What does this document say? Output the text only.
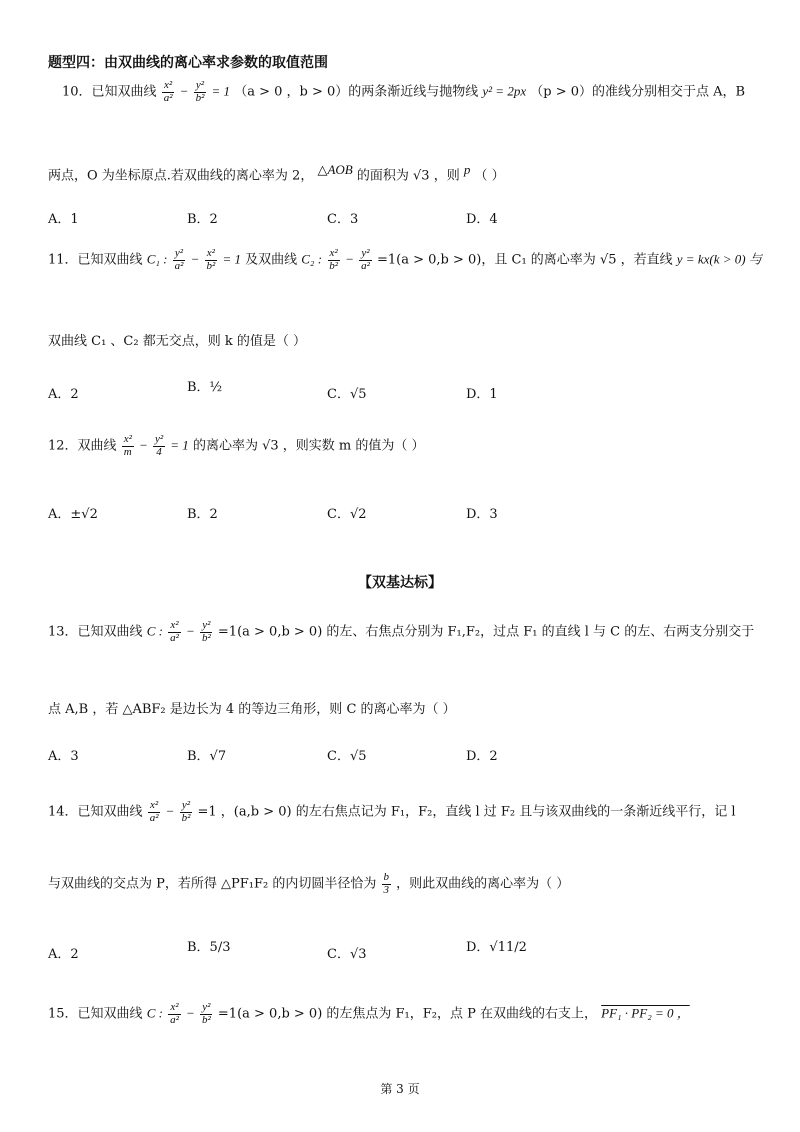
题型四：由双曲线的离心率求参数的取值范围
10．已知双曲线 $\frac{\text{x²}}{\text{a²}} - \frac{\text{y²}}{\text{b²}} = 1$ （a > 0 ，b > 0）的两条渐近线与抛物线 y² = 2px （p > 0）的准线分别相交于点 A，B
两点，O 为坐标原点.若双曲线的离心率为 2， $^{\triangle AOB}$ 的面积为 √3 ，则 $^p$ （ ）
A．1	B．2	C．3	D．4
11．已知双曲线 C₁ : $\frac{\text{y²}}{\text{a²}} - \frac{\text{x²}}{\text{b²}} = 1$ 及双曲线 C₂ : $\frac{\text{x²}}{\text{b²}} - \frac{\text{y²}}{\text{a²}} =1(a > 0,b > 0)$，且 C₁ 的离心率为 √5 ，若直线 y = kx(k > 0) 与
双曲线 C₁ 、C₂ 都无交点，则 k 的值是（ ）
A．2	B．½	C．√5	D．1
12．双曲线 $\frac{\text{x²}}{m} - \frac{\text{y²}}{4} = 1$ 的离心率为 √3 ，则实数 m 的值为（ ）
A．±√2	B．2	C．√2	D．3
【双基达标】
13．已知双曲线 C : $\frac{\text{x²}}{\text{a²}} - \frac{\text{y²}}{\text{b²}} =1(a > 0,b > 0)$ 的左、右焦点分别为 F₁,F₂，过点 F₁ 的直线 l 与 C 的左、右两支分别交于
点 A,B ，若 △ABF₂ 是边长为 4 的等边三角形，则 C 的离心率为（ ）
A．3	B．√7	C．√5	D．2
14．已知双曲线 $\frac{\text{x²}}{\text{a²}} - \frac{\text{y²}}{\text{b²}} =1$ ，(a,b > 0) 的左右焦点记为 F₁，F₂，直线 l 过 F₂ 且与该双曲线的一条渐近线平行，记 l
与双曲线的交点为 P，若所得 △PF₁F₂ 的内切圆半径恰为 $\frac{b}{3}$ ，则此双曲线的离心率为（ ）
A．2	B．5/3	C．√3	D．√11/2
15．已知双曲线 C : $\frac{\text{x²}}{\text{a²}} - \frac{\text{y²}}{\text{b²}} =1(a > 0,b > 0)$ 的左焦点为 F₁，F₂，点 P 在双曲线的右支上， PF₁ · PF₂ = 0 ，
第 3 页
